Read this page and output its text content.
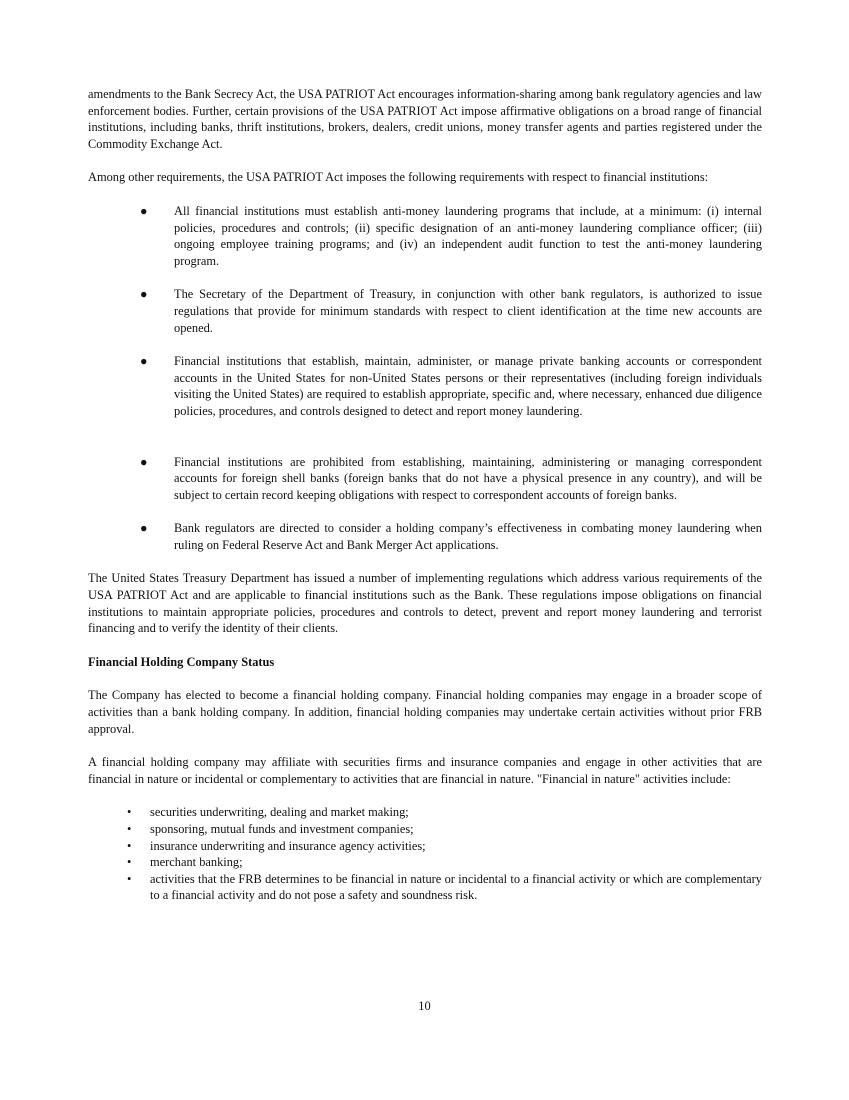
amendments to the Bank Secrecy Act, the USA PATRIOT Act encourages information-sharing among bank regulatory agencies and law enforcement bodies. Further, certain provisions of the USA PATRIOT Act impose affirmative obligations on a broad range of financial institutions, including banks, thrift institutions, brokers, dealers, credit unions, money transfer agents and parties registered under the Commodity Exchange Act.

Among other requirements, the USA PATRIOT Act imposes the following requirements with respect to financial institutions:

● All financial institutions must establish anti-money laundering programs that include, at a minimum: (i) internal policies, procedures and controls; (ii) specific designation of an anti-money laundering compliance officer; (iii) ongoing employee training programs; and (iv) an independent audit function to test the anti-money laundering program.
● The Secretary of the Department of Treasury, in conjunction with other bank regulators, is authorized to issue regulations that provide for minimum standards with respect to client identification at the time new accounts are opened.
● Financial institutions that establish, maintain, administer, or manage private banking accounts or correspondent accounts in the United States for non-United States persons or their representatives (including foreign individuals visiting the United States) are required to establish appropriate, specific and, where necessary, enhanced due diligence policies, procedures, and controls designed to detect and report money laundering.
● Financial institutions are prohibited from establishing, maintaining, administering or managing correspondent accounts for foreign shell banks (foreign banks that do not have a physical presence in any country), and will be subject to certain record keeping obligations with respect to correspondent accounts of foreign banks.
● Bank regulators are directed to consider a holding company’s effectiveness in combating money laundering when ruling on Federal Reserve Act and Bank Merger Act applications.

The United States Treasury Department has issued a number of implementing regulations which address various requirements of the USA PATRIOT Act and are applicable to financial institutions such as the Bank. These regulations impose obligations on financial institutions to maintain appropriate policies, procedures and controls to detect, prevent and report money laundering and terrorist financing and to verify the identity of their clients.

Financial Holding Company Status

The Company has elected to become a financial holding company. Financial holding companies may engage in a broader scope of activities than a bank holding company. In addition, financial holding companies may undertake certain activities without prior FRB approval.

A financial holding company may affiliate with securities firms and insurance companies and engage in other activities that are financial in nature or incidental or complementary to activities that are financial in nature. "Financial in nature" activities include:

• securities underwriting, dealing and market making;
• sponsoring, mutual funds and investment companies;
• insurance underwriting and insurance agency activities;
• merchant banking;
• activities that the FRB determines to be financial in nature or incidental to a financial activity or which are complementary to a financial activity and do not pose a safety and soundness risk.
10
